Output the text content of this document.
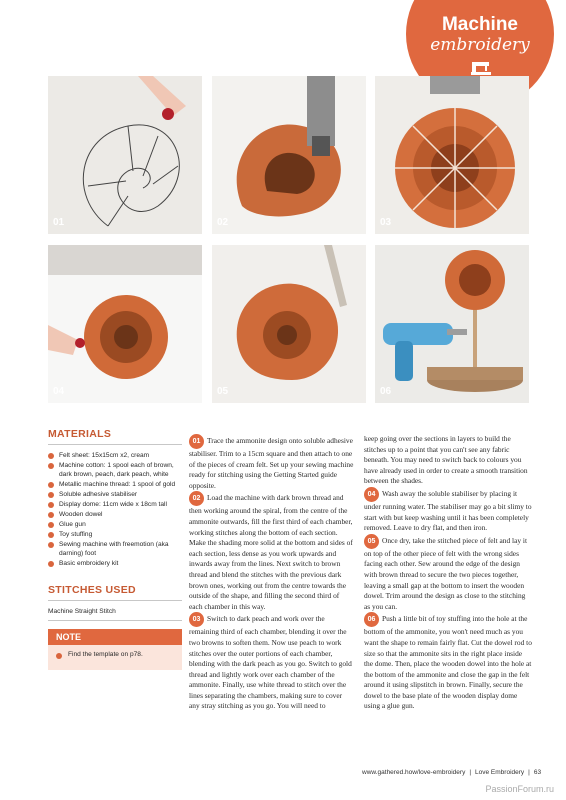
Machine
embroidery
01	02	03
04	05	06
MATERIALS
Felt sheet: 15x15cm x2, cream
Machine cotton: 1 spool each of brown, dark brown, peach, dark peach, white
Metallic machine thread: 1 spool of gold
Soluble adhesive stabiliser
Display dome: 11cm wide x 18cm tall
Wooden dowel
Glue gun
Toy stuffing
Sewing machine with freemotion (aka darning) foot
Basic embroidery kit
STITCHES USED
Machine Straight Stitch
NOTE
Find the template on p78.

01 Trace the ammonite design onto soluble adhesive stabiliser. Trim to a 15cm square and then attach to one of the pieces of cream felt. Set up your sewing machine ready for stitching using the Getting Started guide opposite.

02 Load the machine with dark brown thread and then working around the spiral, from the centre of the ammonite outwards, fill the first third of each chamber, working stitches along the bottom of each section. Make the shading more solid at the bottom and sides of each section, less dense as you work upwards and inwards away from the lines. Next switch to brown thread and blend the stitches with the previous dark brown ones, working out from the centre towards the outside of the shape, and filling the second third of each chamber in this way.

03 Switch to dark peach and work over the remaining third of each chamber, blending it over the two browns to soften them. Now use peach to work stitches over the outer portions of each chamber, blending with the dark peach as you go. Switch to gold thread and lightly work over each chamber of the ammonite. Finally, use white thread to stitch over the lines separating the chambers, making sure to cover any stray stitching as you go. You will need to

keep going over the sections in layers to build the stitches up to a point that you can't see any fabric beneath. You may need to switch back to colours you have already used in order to create a smooth transition between the shades.

04 Wash away the soluble stabiliser by placing it under running water. The stabiliser may go a bit slimy to start with but keep washing until it has been completely removed. Leave to dry flat, and then iron.

05 Once dry, take the stitched piece of felt and lay it on top of the other piece of felt with the wrong sides facing each other. Sew around the edge of the design with brown thread to secure the two pieces together, leaving a small gap at the bottom to insert the wooden dowel. Trim around the design as close to the stitching as you can.

06 Push a little bit of toy stuffing into the hole at the bottom of the ammonite, you won't need much as you want the shape to remain fairly flat. Cut the dowel rod to size so that the ammonite sits in the right place inside the dome. Then, place the wooden dowel into the hole at the bottom of the ammonite and close the gap in the felt around it using slipstitch in brown. Finally, secure the dowel to the base plate of the wooden display dome using a glue gun.

www.gathered.how/love-embroidery | Love Embroidery | 63
PassionForum.ru
